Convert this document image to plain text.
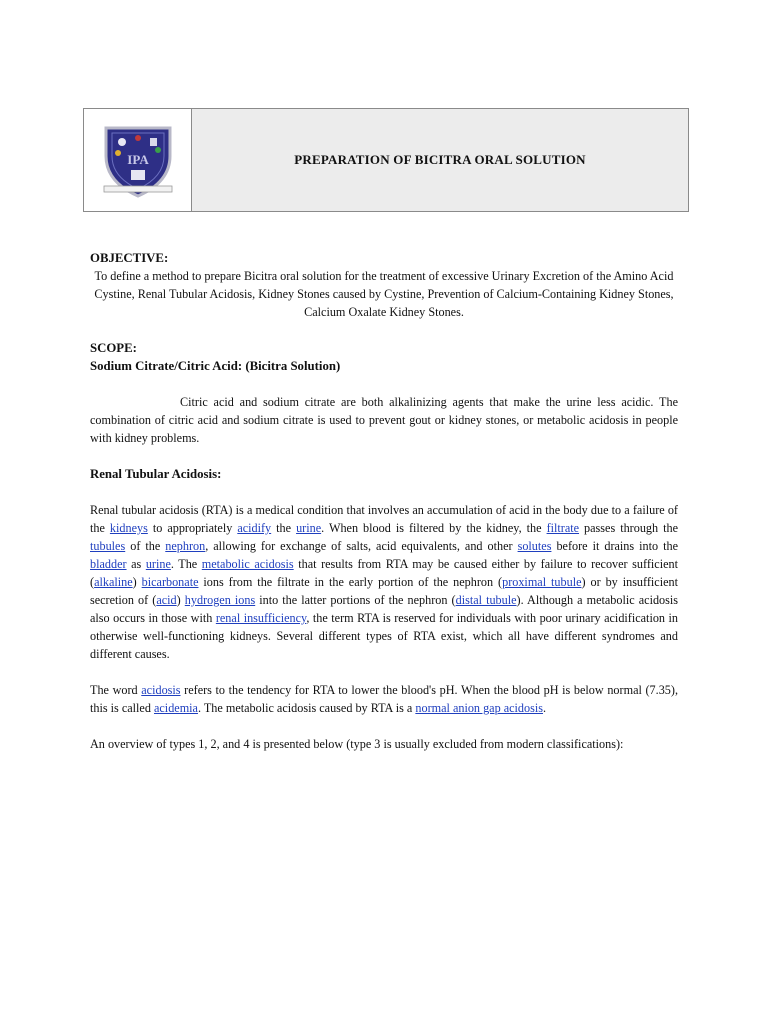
IPA	PREPARATION OF BICITRA ORAL SOLUTION

OBJECTIVE:

To define a method to prepare Bicitra oral solution for the treatment of excessive Urinary Excretion of the Amino Acid Cystine, Renal Tubular Acidosis, Kidney Stones caused by Cystine, Prevention of Calcium-Containing Kidney Stones, Calcium Oxalate Kidney Stones.

SCOPE:

Sodium Citrate/Citric Acid: (Bicitra Solution)

Citric acid and sodium citrate are both alkalinizing agents that make the urine less acidic. The combination of citric acid and sodium citrate is used to prevent gout or kidney stones, or metabolic acidosis in people with kidney problems.

Renal Tubular Acidosis:

Renal tubular acidosis (RTA) is a medical condition that involves an accumulation of acid in the body due to a failure of the kidneys to appropriately acidify the urine. When blood is filtered by the kidney, the filtrate passes through the tubules of the nephron, allowing for exchange of salts, acid equivalents, and other solutes before it drains into the bladder as urine. The metabolic acidosis that results from RTA may be caused either by failure to recover sufficient (alkaline) bicarbonate ions from the filtrate in the early portion of the nephron (proximal tubule) or by insufficient secretion of (acid) hydrogen ions into the latter portions of the nephron (distal tubule). Although a metabolic acidosis also occurs in those with renal insufficiency, the term RTA is reserved for individuals with poor urinary acidification in otherwise well-functioning kidneys. Several different types of RTA exist, which all have different syndromes and different causes.

The word acidosis refers to the tendency for RTA to lower the blood's pH. When the blood pH is below normal (7.35), this is called acidemia. The metabolic acidosis caused by RTA is a normal anion gap acidosis.

An overview of types 1, 2, and 4 is presented below (type 3 is usually excluded from modern classifications):
